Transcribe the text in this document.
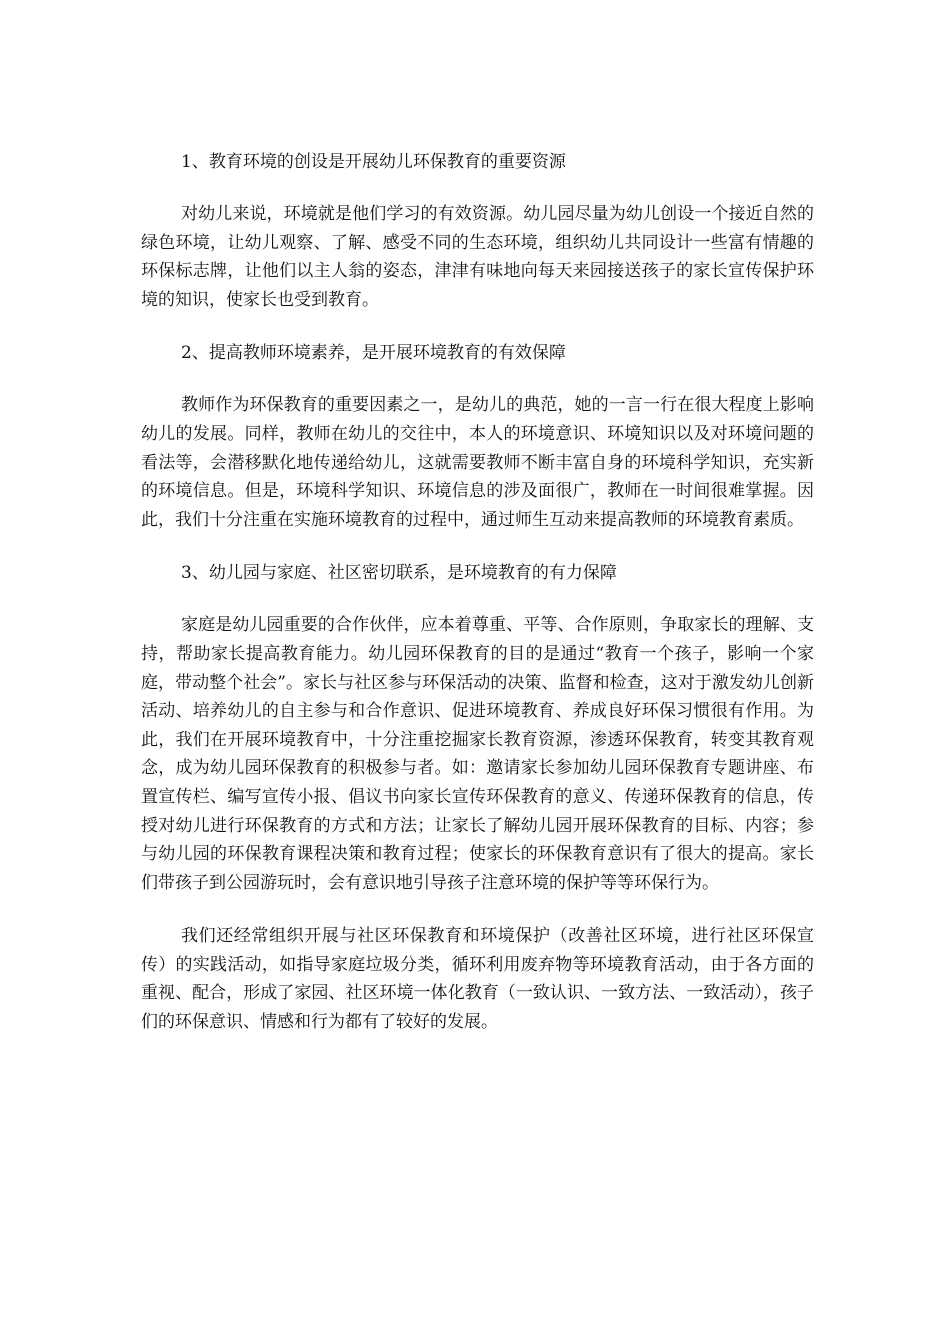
1、教育环境的创设是开展幼儿环保教育的重要资源

对幼儿来说，环境就是他们学习的有效资源。幼儿园尽量为幼儿创设一个接近自然的绿色环境，让幼儿观察、了解、感受不同的生态环境，组织幼儿共同设计一些富有情趣的环保标志牌，让他们以主人翁的姿态，津津有味地向每天来园接送孩子的家长宣传保护环境的知识，使家长也受到教育。

2、提高教师环境素养，是开展环境教育的有效保障

教师作为环保教育的重要因素之一，是幼儿的典范，她的一言一行在很大程度上影响幼儿的发展。同样，教师在幼儿的交往中，本人的环境意识、环境知识以及对环境问题的看法等，会潜移默化地传递给幼儿，这就需要教师不断丰富自身的环境科学知识，充实新的环境信息。但是，环境科学知识、环境信息的涉及面很广，教师在一时间很难掌握。因此，我们十分注重在实施环境教育的过程中，通过师生互动来提高教师的环境教育素质。

3、幼儿园与家庭、社区密切联系，是环境教育的有力保障

家庭是幼儿园重要的合作伙伴，应本着尊重、平等、合作原则，争取家长的理解、支持，帮助家长提高教育能力。幼儿园环保教育的目的是通过“教育一个孩子，影响一个家庭，带动整个社会”。家长与社区参与环保活动的决策、监督和检查，这对于激发幼儿创新活动、培养幼儿的自主参与和合作意识、促进环境教育、养成良好环保习惯很有作用。为此，我们在开展环境教育中，十分注重挖掘家长教育资源，渗透环保教育，转变其教育观念，成为幼儿园环保教育的积极参与者。如：邀请家长参加幼儿园环保教育专题讲座、布置宣传栏、编写宣传小报、倡议书向家长宣传环保教育的意义、传递环保教育的信息，传授对幼儿进行环保教育的方式和方法；让家长了解幼儿园开展环保教育的目标、内容；参与幼儿园的环保教育课程决策和教育过程；使家长的环保教育意识有了很大的提高。家长们带孩子到公园游玩时，会有意识地引导孩子注意环境的保护等等环保行为。

我们还经常组织开展与社区环保教育和环境保护（改善社区环境，进行社区环保宣传）的实践活动，如指导家庭垃圾分类，循环利用废弃物等环境教育活动，由于各方面的重视、配合，形成了家园、社区环境一体化教育（一致认识、一致方法、一致活动），孩子们的环保意识、情感和行为都有了较好的发展。
